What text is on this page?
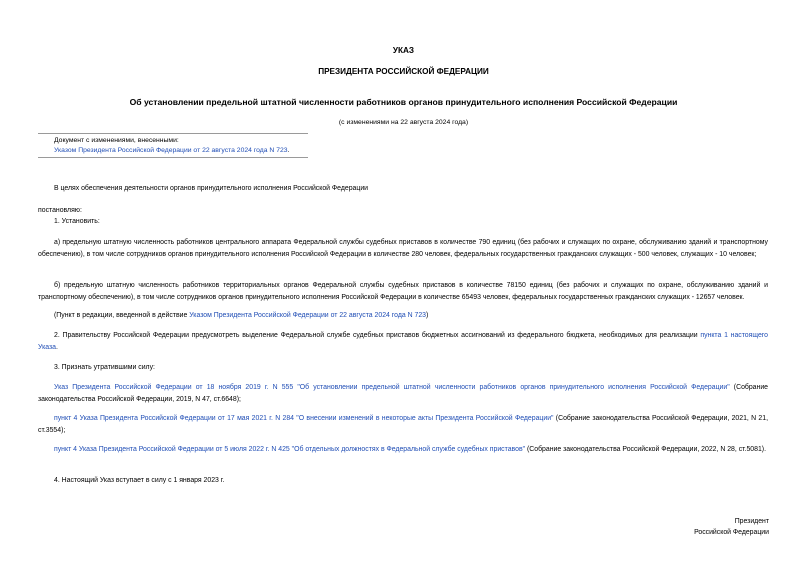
УКАЗ
ПРЕЗИДЕНТА РОССИЙСКОЙ ФЕДЕРАЦИИ
Об установлении предельной штатной численности работников органов принудительного исполнения Российской Федерации
(с изменениями на 22 августа 2024 года)
Документ с изменениями, внесенными:
Указом Президента Российской Федерации от 22 августа 2024 года N 723.
В целях обеспечения деятельности органов принудительного исполнения Российской Федерации
постановляю:
1. Установить:
а) предельную штатную численность работников центрального аппарата Федеральной службы судебных приставов в количестве 790 единиц (без рабочих и служащих по охране, обслуживанию зданий и транспортному обеспечению), в том числе сотрудников органов принудительного исполнения Российской Федерации в количестве 280 человек, федеральных государственных гражданских служащих - 500 человек, служащих - 10 человек;
б) предельную штатную численность работников территориальных органов Федеральной службы судебных приставов в количестве 78150 единиц (без рабочих и служащих по охране, обслуживанию зданий и транспортному обеспечению), в том числе сотрудников органов принудительного исполнения Российской Федерации в количестве 65493 человек, федеральных государственных гражданских служащих - 12657 человек.
(Пункт в редакции, введенной в действие Указом Президента Российской Федерации от 22 августа 2024 года N 723)
2. Правительству Российской Федерации предусмотреть выделение Федеральной службе судебных приставов бюджетных ассигнований из федерального бюджета, необходимых для реализации пункта 1 настоящего Указа.
3. Признать утратившими силу:
Указ Президента Российской Федерации от 18 ноября 2019 г. N 555 "Об установлении предельной штатной численности работников органов принудительного исполнения Российской Федерации" (Собрание законодательства Российской Федерации, 2019, N 47, ст.6648);
пункт 4 Указа Президента Российской Федерации от 17 мая 2021 г. N 284 "О внесении изменений в некоторые акты Президента Российской Федерации" (Собрание законодательства Российской Федерации, 2021, N 21, ст.3554);
пункт 4 Указа Президента Российской Федерации от 5 июля 2022 г. N 425 "Об отдельных должностях в Федеральной службе судебных приставов" (Собрание законодательства Российской Федерации, 2022, N 28, ст.5081).
4. Настоящий Указ вступает в силу с 1 января 2023 г.
Президент
Российской Федерации
